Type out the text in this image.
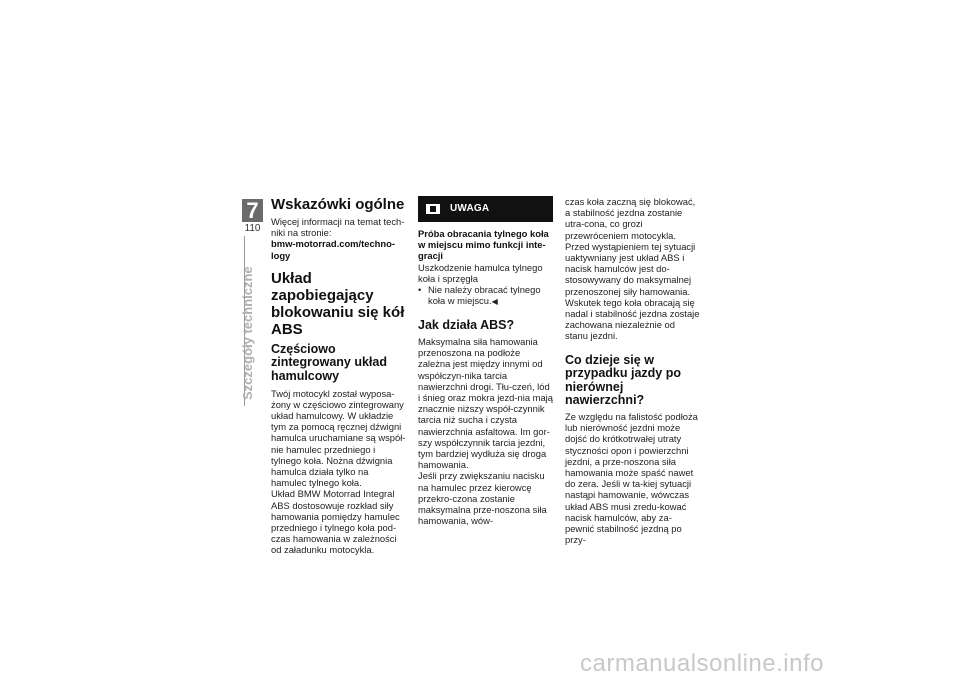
7
110
Szczegóły techniczne
Wskazówki ogólne

Więcej informacji na temat tech-niki na stronie:

bmw-motorrad.com/techno-logy

Układ zapobiegający blokowaniu się kół ABS
Częściowo zintegrowany układ hamulcowy

Twój motocykl został wyposa-żony w częściowo zintegrowany układ hamulcowy. W układzie tym za pomocą ręcznej dźwigni hamulca uruchamiane są współ-nie hamulec przedniego i tylnego koła. Nożna dźwignia hamulca działa tylko na hamulec tylnego koła.

Układ BMW Motorrad Integral ABS dostosowuje rozkład siły hamowania pomiędzy hamulec przedniego i tylnego koła pod-czas hamowania w zależności od załadunku motocykla.

UWAGA
Próba obracania tylnego koła w miejscu mimo funkcji inte-gracji

Uszkodzenie hamulca tylnego koła i sprzęgła

• Nie należy obracać tylnego koła w miejscu.◀

Jak działa ABS?

Maksymalna siła hamowania przenoszona na podłoże zależna jest między innymi od współczyn-nika tarcia nawierzchni drogi. Tłu-czeń, lód i śnieg oraz mokra jezd-nia mają znacznie niższy współ-czynnik tarcia niż sucha i czysta nawierzchnia asfaltowa. Im gor-szy współczynnik tarcia jezdni, tym bardziej wydłuża się droga hamowania.

Jeśli przy zwiększaniu nacisku na hamulec przez kierowcę przekro-czona zostanie maksymalna prze-noszona siła hamowania, wów-

czas koła zaczną się blokować, a stabilność jezdna zostanie utra-cona, co grozi przewróceniem motocykla. Przed wystąpieniem tej sytuacji uaktywniany jest układ ABS i nacisk hamulców jest do-stosowywany do maksymalnej przenoszonej siły hamowania. Wskutek tego koła obracają się nadal i stabilność jezdna zostaje zachowana niezależnie od stanu jezdni.

Co dzieje się w przypadku jazdy po nierównej nawierzchni?

Ze względu na falistość podłoża lub nierówność jezdni może dojść do krótkotrwałej utraty styczności opon i powierzchni jezdni, a prze-noszona siła hamowania może spaść nawet do zera. Jeśli w ta-kiej sytuacji nastąpi hamowanie, wówczas układ ABS musi zredu-kować nacisk hamulców, aby za-pewnić stabilność jezdną po przy-

carmanualsonline.info
